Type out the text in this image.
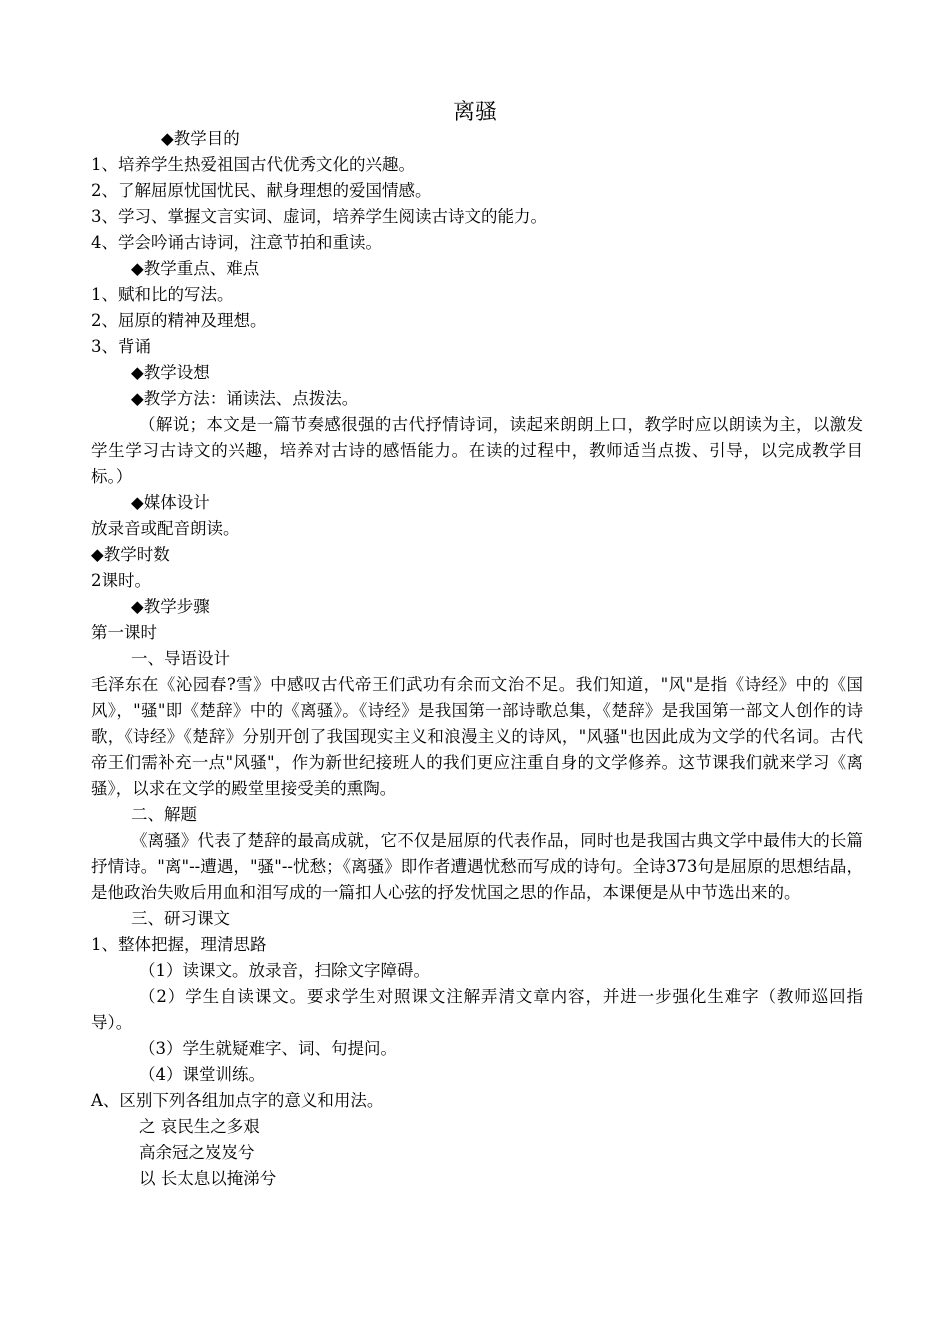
离骚

◆教学目的

1、培养学生热爱祖国古代优秀文化的兴趣。

2、了解屈原忧国忧民、献身理想的爱国情感。

3、学习、掌握文言实词、虚词，培养学生阅读古诗文的能力。

4、学会吟诵古诗词，注意节拍和重读。

◆教学重点、难点

1、赋和比的写法。

2、屈原的精神及理想。

3、背诵

◆教学设想

◆教学方法：诵读法、点拨法。

（解说；本文是一篇节奏感很强的古代抒情诗词，读起来朗朗上口，教学时应以朗读为主，以激发学生学习古诗文的兴趣，培养对古诗的感悟能力。在读的过程中，教师适当点拨、引导，以完成教学目标。）

◆媒体设计

放录音或配音朗读。

◆教学时数

2课时。

◆教学步骤

第一课时

一、导语设计

毛泽东在《沁园春?雪》中感叹古代帝王们武功有余而文治不足。我们知道，"风"是指《诗经》中的《国风》，"骚"即《楚辞》中的《离骚》。《诗经》是我国第一部诗歌总集，《楚辞》是我国第一部文人创作的诗歌，《诗经》《楚辞》分别开创了我国现实主义和浪漫主义的诗风，"风骚"也因此成为文学的代名词。古代帝王们需补充一点"风骚"，作为新世纪接班人的我们更应注重自身的文学修养。这节课我们就来学习《离骚》，以求在文学的殿堂里接受美的熏陶。

二、解题

《离骚》代表了楚辞的最高成就，它不仅是屈原的代表作品，同时也是我国古典文学中最伟大的长篇抒情诗。"离"--遭遇，"骚"--忧愁；《离骚》即作者遭遇忧愁而写成的诗句。全诗373句是屈原的思想结晶，是他政治失败后用血和泪写成的一篇扣人心弦的抒发忧国之思的作品，本课便是从中节选出来的。

三、研习课文

1、整体把握，理清思路

（1）读课文。放录音，扫除文字障碍。

（2）学生自读课文。要求学生对照课文注解弄清文章内容，并进一步强化生难字（教师巡回指导）。

（3）学生就疑难字、词、句提问。

（4）课堂训练。

A、区别下列各组加点字的意义和用法。

之 哀民生之多艰

高余冠之岌岌兮

以 长太息以掩涕兮
